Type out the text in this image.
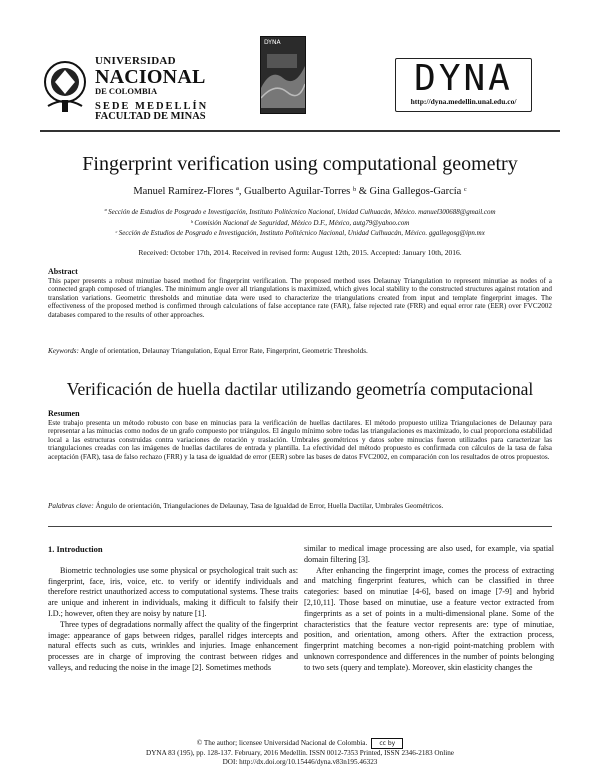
UNIVERSIDAD
NACIONAL
DE COLOMBIA
SEDE MEDELLÍN
FACULTAD DE MINAS
DYNA
DYNA
http://dyna.medellin.unal.edu.co/
Fingerprint verification using computational geometry
Manuel Ramírez-Flores ª, Gualberto Aguilar-Torres ᵇ & Gina Gallegos-García ᶜ
ª Sección de Estudios de Posgrado e Investigación, Instituto Politécnico Nacional, Unidad Culhuacán, México. manuel300688@gmail.com
ᵇ Comisión Nacional de Seguridad, México D.F., México, autg79@yahoo.com
ᶜ Sección de Estudios de Posgrado e Investigación, Instituto Politécnico Nacional, Unidad Culhuacán, México. ggallegosg@ipn.mx
Received: October 17th, 2014. Received in revised form: August 12th, 2015. Accepted: January 10th, 2016.
Abstract
This paper presents a robust minutiae based method for fingerprint verification. The proposed method uses Delaunay Triangulation to represent minutiae as nodes of a connected graph composed of triangles. The minimum angle over all triangulations is maximized, which gives local stability to the constructed structures against rotation and translation variations. Geometric thresholds and minutiae data were used to characterize the triangulations created from input and template fingerprint images. The effectiveness of the proposed method is confirmed through calculations of false acceptance rate (FAR), false rejected rate (FRR) and equal error rate (EER) over FVC2002 databases compared to the results of other approaches.
Keywords: Angle of orientation, Delaunay Triangulation, Equal Error Rate, Fingerprint, Geometric Thresholds.
Verificación de huella dactilar utilizando geometría computacional
Resumen
Este trabajo presenta un método robusto con base en minucias para la verificación de huellas dactilares. El método propuesto utiliza Triangulaciones de Delaunay para representar a las minucias como nodos de un grafo compuesto por triángulos. El ángulo mínimo sobre todas las triangulaciones es maximizado, lo cual proporciona estabilidad local a las estructuras construidas contra variaciones de rotación y traslación. Umbrales geométricos y datos sobre minucias fueron utilizados para caracterizar las triangulaciones creadas con las imágenes de huellas dactilares de entrada y plantilla. La efectividad del método propuesto es confirmada con cálculos de la tasa de falsa aceptación (FAR), tasa de falso rechazo (FRR) y la tasa de igualdad de error (EER) sobre las bases de datos FVC2002, en comparación con los resultados de otros propuestos.
Palabras clave: Ángulo de orientación, Triangulaciones de Delaunay, Tasa de Igualdad de Error, Huella Dactilar, Umbrales Geométricos.
1. Introduction

Biometric technologies use some physical or psychological trait such as: fingerprint, face, iris, voice, etc. to verify or identify individuals and therefore restrict unauthorized access to computational systems. These traits are unique and inherent in individuals, making it difficult to falsify their I.D.; however, often they are noisy by nature [1].

Three types of degradations normally affect the quality of the fingerprint image: appearance of gaps between ridges, parallel ridges intercepts and natural effects such as cuts, wrinkles and injuries. Image enhancement processes are in charge of improving the contrast between ridges and valleys, and reducing the noise in the image [2]. Sometimes methods

similar to medical image processing are also used, for example, via spatial domain filtering [3].

After enhancing the fingerprint image, comes the process of extracting and matching fingerprint features, which can be classified in three categories: based on minutiae [4-6], based on image [7-9] and hybrid [2,10,11]. Those based on minutiae, use a feature vector extracted from fingerprints as a set of points in a multi-dimensional plane. Some of the characteristics that the feature vector represents are: type of minutiae, position, and orientation, among others. After the extraction process, fingerprint matching becomes a non-rigid point-matching problem with unknown correspondence and differences in the number of points belonging to two sets (query and template). Moreover, skin elasticity changes the

© The author; licensee Universidad Nacional de Colombia. cc by
DYNA 83 (195), pp. 128-137. February, 2016 Medellín. ISSN 0012-7353 Printed, ISSN 2346-2183 Online
DOI: http://dx.doi.org/10.15446/dyna.v83n195.46323
